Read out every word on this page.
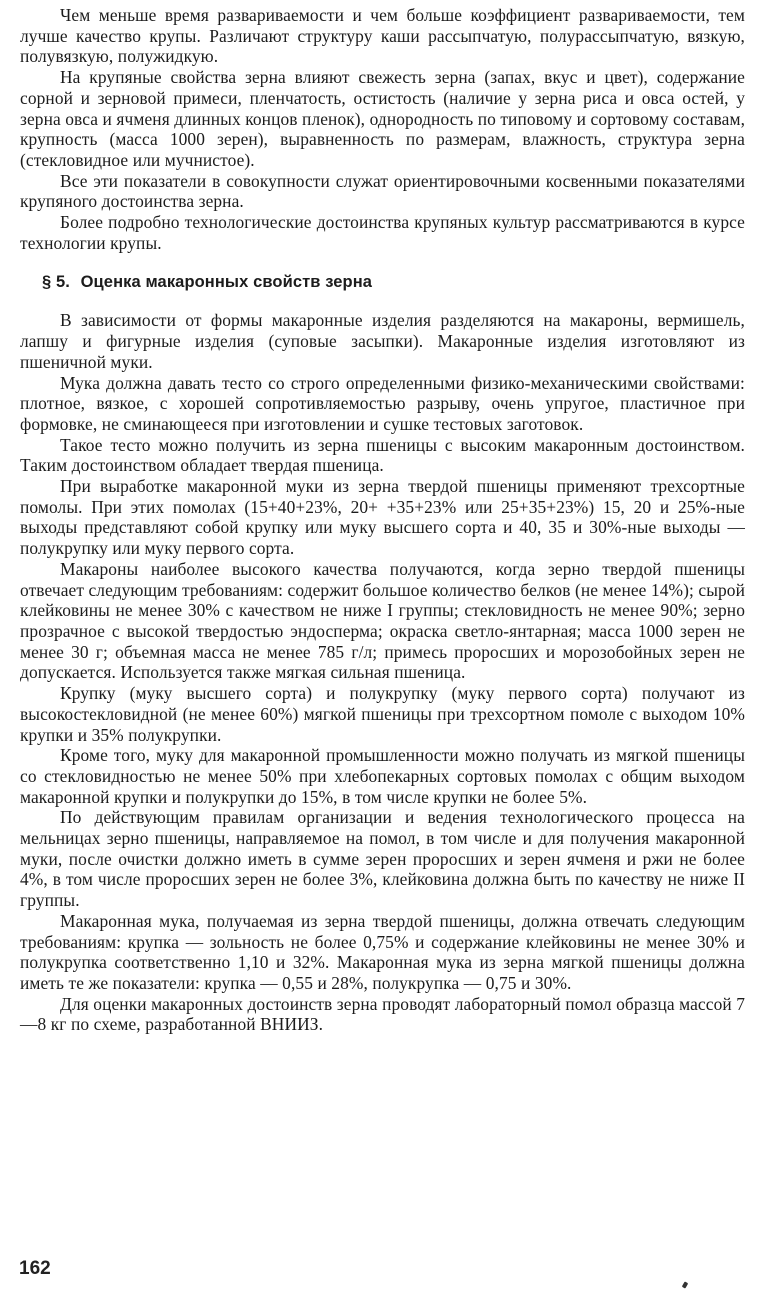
Чем меньше время развариваемости и чем больше коэффициент развариваемости, тем лучше качество крупы. Различают структуру каши рассыпчатую, полурассыпчатую, вязкую, полувязкую, полужидкую.

На крупяные свойства зерна влияют свежесть зерна (запах, вкус и цвет), содержание сорной и зерновой примеси, пленчатость, остистость (наличие у зерна риса и овса остей, у зерна овса и ячменя длинных концов пленок), однородность по типовому и сортовому составам, крупность (масса 1000 зерен), выравненность по размерам, влажность, структура зерна (стекловидное или мучнистое).

Все эти показатели в совокупности служат ориентировочными косвенными показателями крупяного достоинства зерна.

Более подробно технологические достоинства крупяных культур рассматриваются в курсе технологии крупы.

§ 5. Оценка макаронных свойств зерна

В зависимости от формы макаронные изделия разделяются на макароны, вермишель, лапшу и фигурные изделия (суповые засыпки). Макаронные изделия изготовляют из пшеничной муки.

Мука должна давать тесто со строго определенными физико-механическими свойствами: плотное, вязкое, с хорошей сопротивляемостью разрыву, очень упругое, пластичное при формовке, не сминающееся при изготовлении и сушке тестовых заготовок.

Такое тесто можно получить из зерна пшеницы с высоким макаронным достоинством. Таким достоинством обладает твердая пшеница.

При выработке макаронной муки из зерна твердой пшеницы применяют трехсортные помолы. При этих помолах (15+40+23%, 20+ +35+23% или 25+35+23%) 15, 20 и 25%-ные выходы представляют собой крупку или муку высшего сорта и 40, 35 и 30%-ные выходы — полукрупку или муку первого сорта.

Макароны наиболее высокого качества получаются, когда зерно твердой пшеницы отвечает следующим требованиям: содержит большое количество белков (не менее 14%); сырой клейковины не менее 30% с качеством не ниже I группы; стекловидность не менее 90%; зерно прозрачное с высокой твердостью эндосперма; окраска светло-янтарная; масса 1000 зерен не менее 30 г; объемная масса не менее 785 г/л; примесь проросших и морозобойных зерен не допускается. Используется также мягкая сильная пшеница.

Крупку (муку высшего сорта) и полукрупку (муку первого сорта) получают из высокостекловидной (не менее 60%) мягкой пшеницы при трехсортном помоле с выходом 10% крупки и 35% полукрупки.

Кроме того, муку для макаронной промышленности можно получать из мягкой пшеницы со стекловидностью не менее 50% при хлебопекарных сортовых помолах с общим выходом макаронной крупки и полукрупки до 15%, в том числе крупки не более 5%.

По действующим правилам организации и ведения технологического процесса на мельницах зерно пшеницы, направляемое на помол, в том числе и для получения макаронной муки, после очистки должно иметь в сумме зерен проросших и зерен ячменя и ржи не более 4%, в том числе проросших зерен не более 3%, клейковина должна быть по качеству не ниже II группы.

Макаронная мука, получаемая из зерна твердой пшеницы, должна отвечать следующим требованиям: крупка — зольность не более 0,75% и содержание клейковины не менее 30% и полукрупка соответственно 1,10 и 32%. Макаронная мука из зерна мягкой пшеницы должна иметь те же показатели: крупка — 0,55 и 28%, полукрупка — 0,75 и 30%.

Для оценки макаронных достоинств зерна проводят лабораторный помол образца массой 7—8 кг по схеме, разработанной ВНИИЗ.

162
